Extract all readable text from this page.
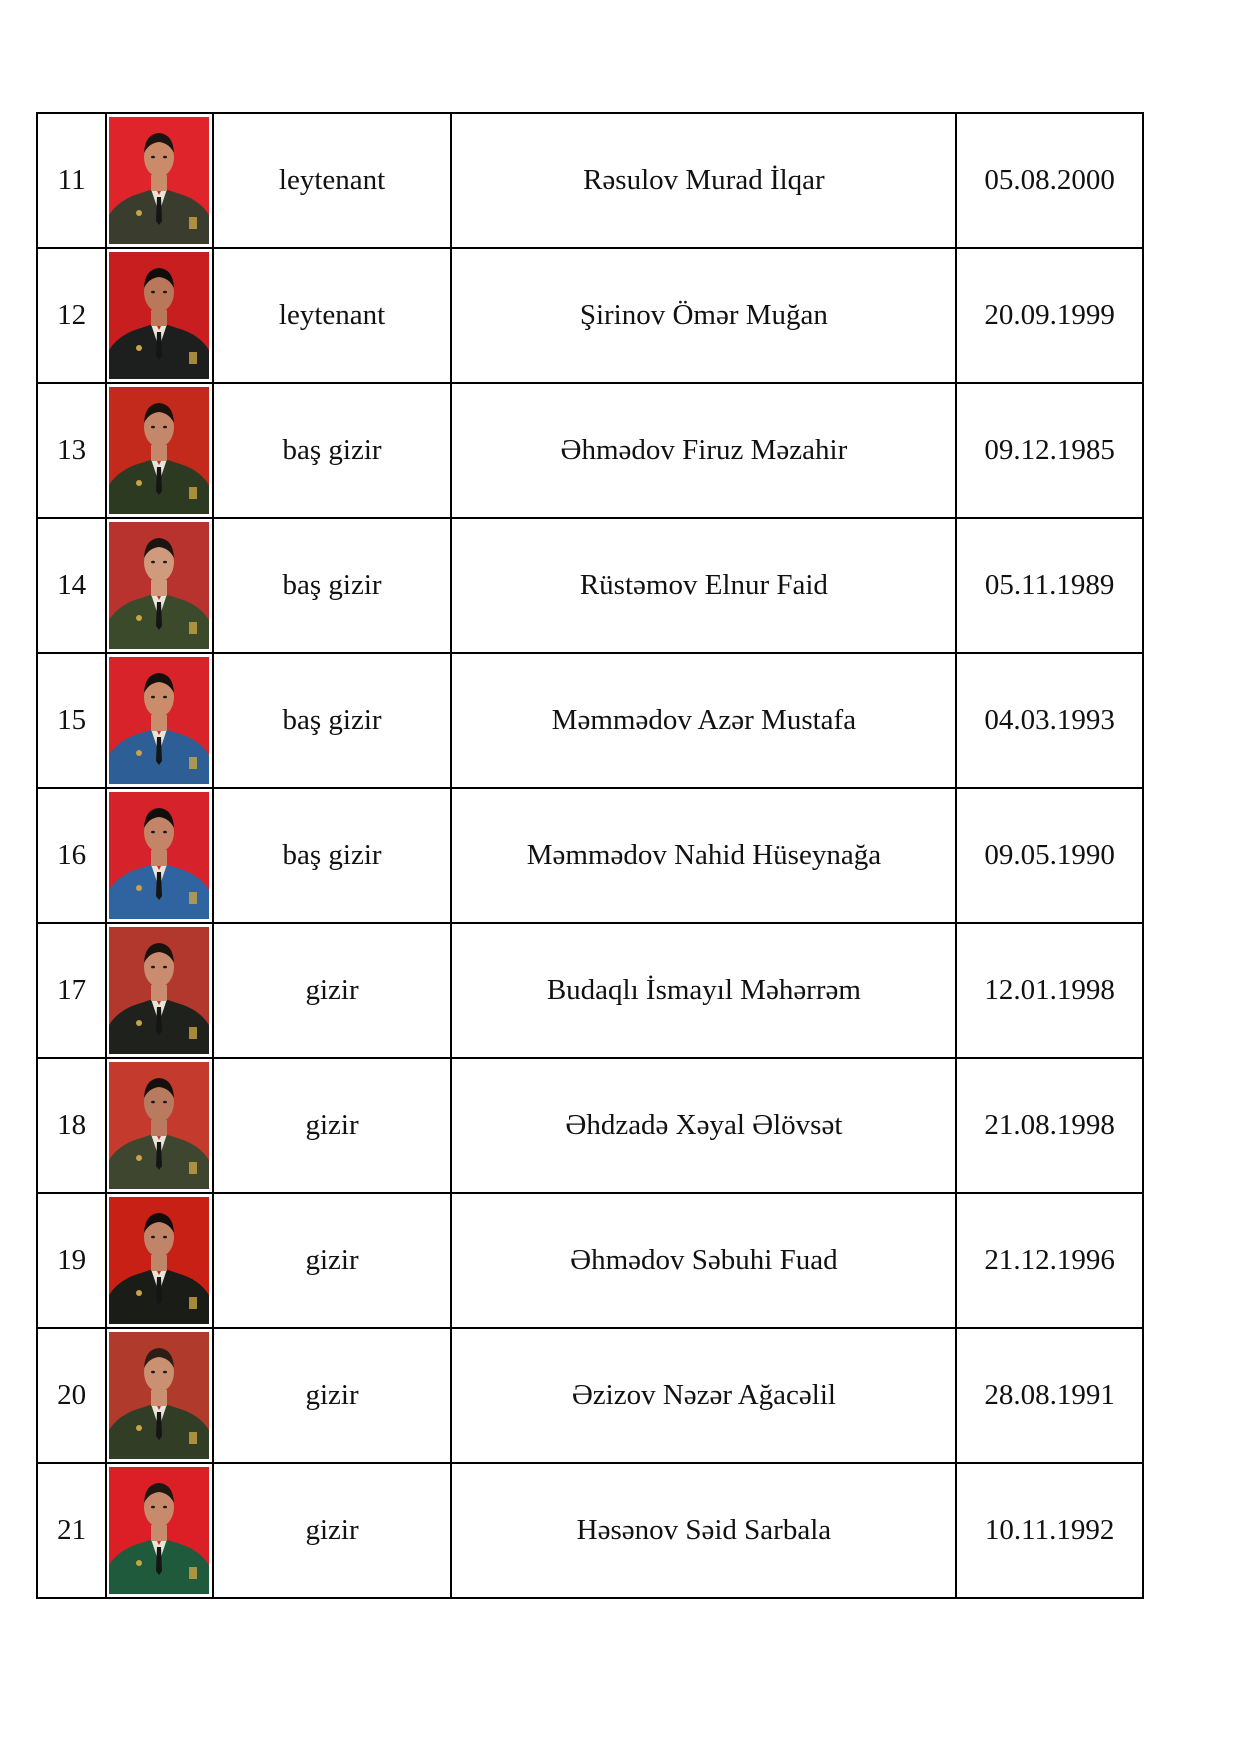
11		leytenant	Rəsulov Murad İlqar	05.08.2000
12		leytenant	Şirinov Ömər Muğan	20.09.1999
13		baş gizir	Əhmədov Firuz Məzahir	09.12.1985
14		baş gizir	Rüstəmov Elnur Faid	05.11.1989
15		baş gizir	Məmmədov Azər Mustafa	04.03.1993
16		baş gizir	Məmmədov Nahid Hüseynağa	09.05.1990
17		gizir	Budaqlı İsmayıl Məhərrəm	12.01.1998
18		gizir	Əhdzadə Xəyal Əlövsət	21.08.1998
19		gizir	Əhmədov Səbuhi Fuad	21.12.1996
20		gizir	Əzizov Nəzər Ağacəlil	28.08.1991
21		gizir	Həsənov Səid Sarbala	10.11.1992
